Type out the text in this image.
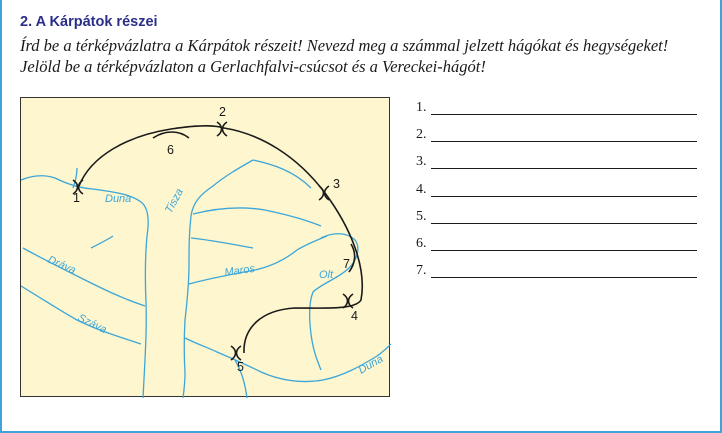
2. A Kárpátok részei

Írd be a térképvázlatra a Kárpátok részeit! Nevezd meg a számmal jelzett hágókat és hegységeket! Jelöld be a térképvázlaton a Gerlachfalvi-csúcsot és a Vereckei-hágót!

Duna	Tisza
Maros
Dráva
Száva
Olt
Duna
1
2
3
4
5
6
7
1.
2.
3.
4.
5.
6.
7.
